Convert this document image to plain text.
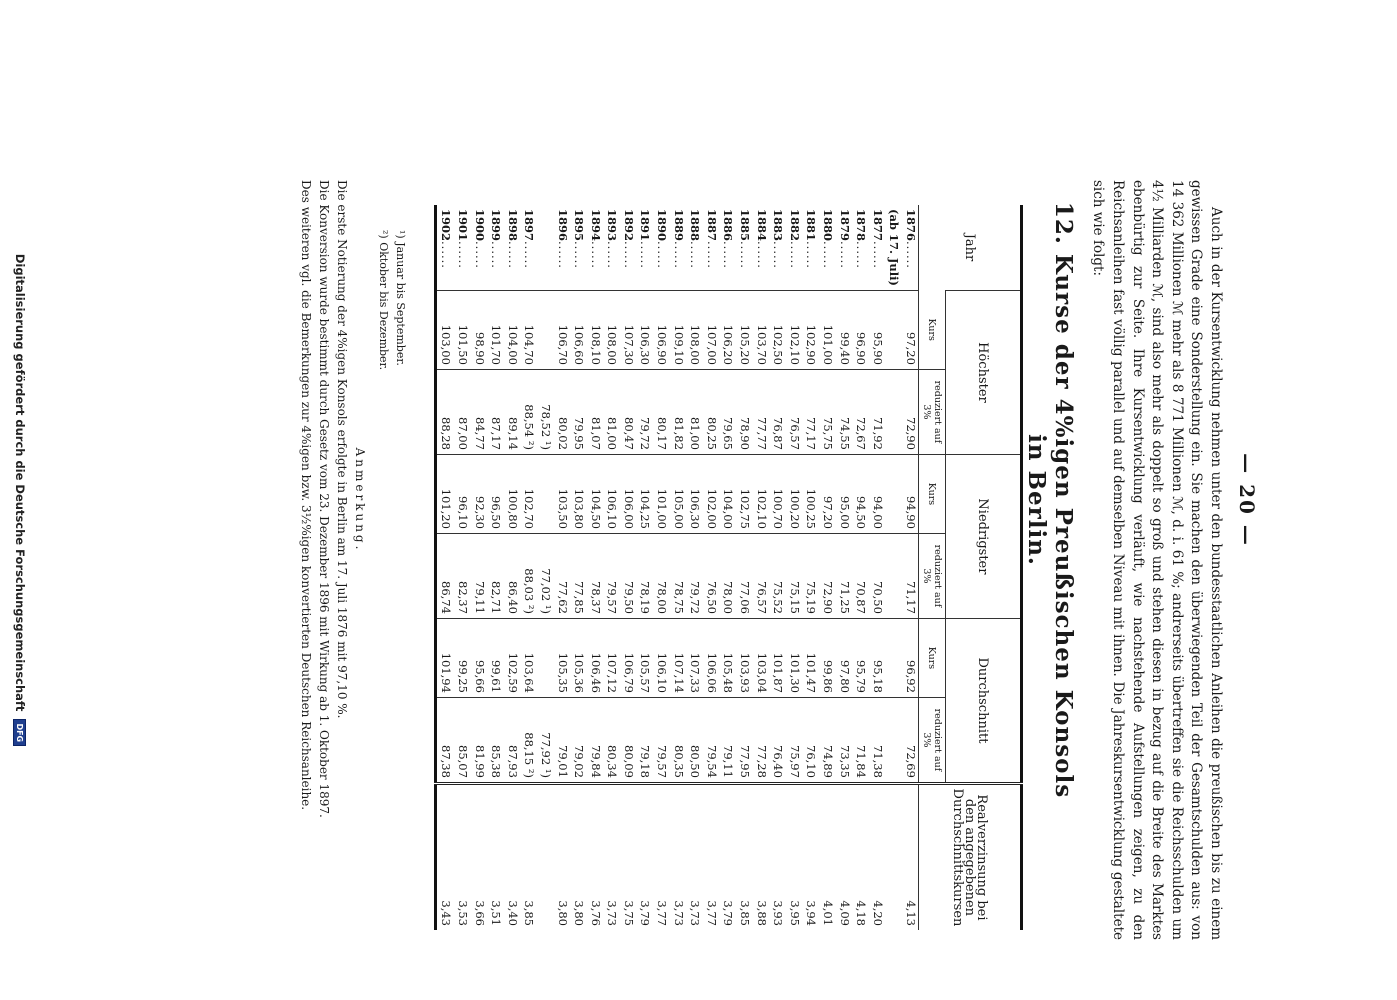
— 20 —

Auch in der Kursentwicklung nehmen unter den bundesstaatlichen Anleihen die preußischen bis zu einem gewissen Grade eine Sonderstellung ein. Sie machen den überwiegenden Teil der Gesamtschulden aus: von 14 362 Millionen ℳ mehr als 8 771 Millionen ℳ, d. i. 61 %; andrerseits übertreffen sie die Reichsschulden um 4½ Milliarden ℳ, sind also mehr als doppelt so groß und stehen diesen in bezug auf die Breite des Marktes ebenbürtig zur Seite. Ihre Kursentwicklung verläuft, wie nachstehende Aufstellungen zeigen, zu den Reichsanleihen fast völlig parallel und auf demselben Niveau mit ihnen. Die Jahreskursentwicklung gestaltete sich wie folgt:

12. Kurse der 4%igen Preußischen Konsols in Berlin.
Jahr	Höchster		Niedrigster		Durchschnitt		Realverzinsung bei den angegebenen Durchschnittskursen
	Kurs	reduziert auf 3%	Kurs	reduziert auf 3%	Kurs	reduziert auf 3%	
1876......	97,20	72,90	94,90	71,17	96,92	72,69	4,13
(ab 17. Juli)							
1877......	95,90	71,92	94,00	70,50	95,18	71,38	4,20
1878......	96,90	72,67	94,50	70,87	95,79	71,84	4,18
1879......	99,40	74,55	95,00	71,25	97,80	73,35	4,09
1880......	101,00	75,75	97,20	72,90	99,86	74,89	4,01
1881......	102,90	77,17	100,25	75,19	101,47	76,10	3,94
1882......	102,10	76,57	100,20	75,15	101,30	75,97	3,95
1883......	102,50	76,87	100,70	75,52	101,87	76,40	3,93
1884......	103,70	77,77	102,10	76,57	103,04	77,28	3,88
1885......	105,20	78,90	102,75	77,06	103,93	77,95	3,85
1886......	106,20	79,65	104,00	78,00	105,48	79,11	3,79
1887......	107,00	80,25	102,00	76,50	106,06	79,54	3,77
1888......	108,00	81,00	106,30	79,72	107,33	80,50	3,73
1889......	109,10	81,82	105,00	78,75	107,14	80,35	3,73
1890......	106,90	80,17	101,00	78,00	106,10	79,57	3,77
1891......	106,30	79,72	104,25	78,19	105,57	79,18	3,79
1892......	107,30	80,47	106,00	79,50	106,79	80,09	3,75
1893......	108,00	81,00	106,10	79,57	107,12	80,34	3,73
1894......	108,10	81,07	104,50	78,37	106,46	79,84	3,76
1895......	106,60	79,95	103,80	77,85	105,36	79,02	3,80
1896......	106,70	80,02	103,50	77,62	105,35	79,01	3,80
		78,52 ¹)		77,02 ¹)		77,92 ¹)	
1897......	104,70	88,54 ²)	102,70	88,03 ²)	103,64	88,15 ²)	3,85
1898......	104,00	89,14	100,80	86,40	102,59	87,93	3,40
1899......	101,70	87,17	96,50	82,71	99,61	85,38	3,51
1900......	98,90	84,77	92,30	79,11	95,66	81,99	3,66
1901......	101,50	87,00	96,10	82,37	99,25	85,07	3,53
1902......	103,00	88,28	101,20	86,74	101,94	87,38	3,43
¹) Januar bis September.
²) Oktober bis Dezember.
Anmerkung.
Die erste Notierung der 4%igen Konsols erfolgte in Berlin am 17. Juli 1876 mit 97,10 %.
Die Konversion wurde bestimmt durch Gesetz vom 23. Dezember 1896 mit Wirkung ab 1. Oktober 1897.
Des weiteren vgl. die Bemerkungen zur 4%igen bzw. 3½%igen konvertierten Deutschen Reichsanleihe.
Digitalisierung gefördert durch die Deutsche Forschungsgemeinschaft DFG
